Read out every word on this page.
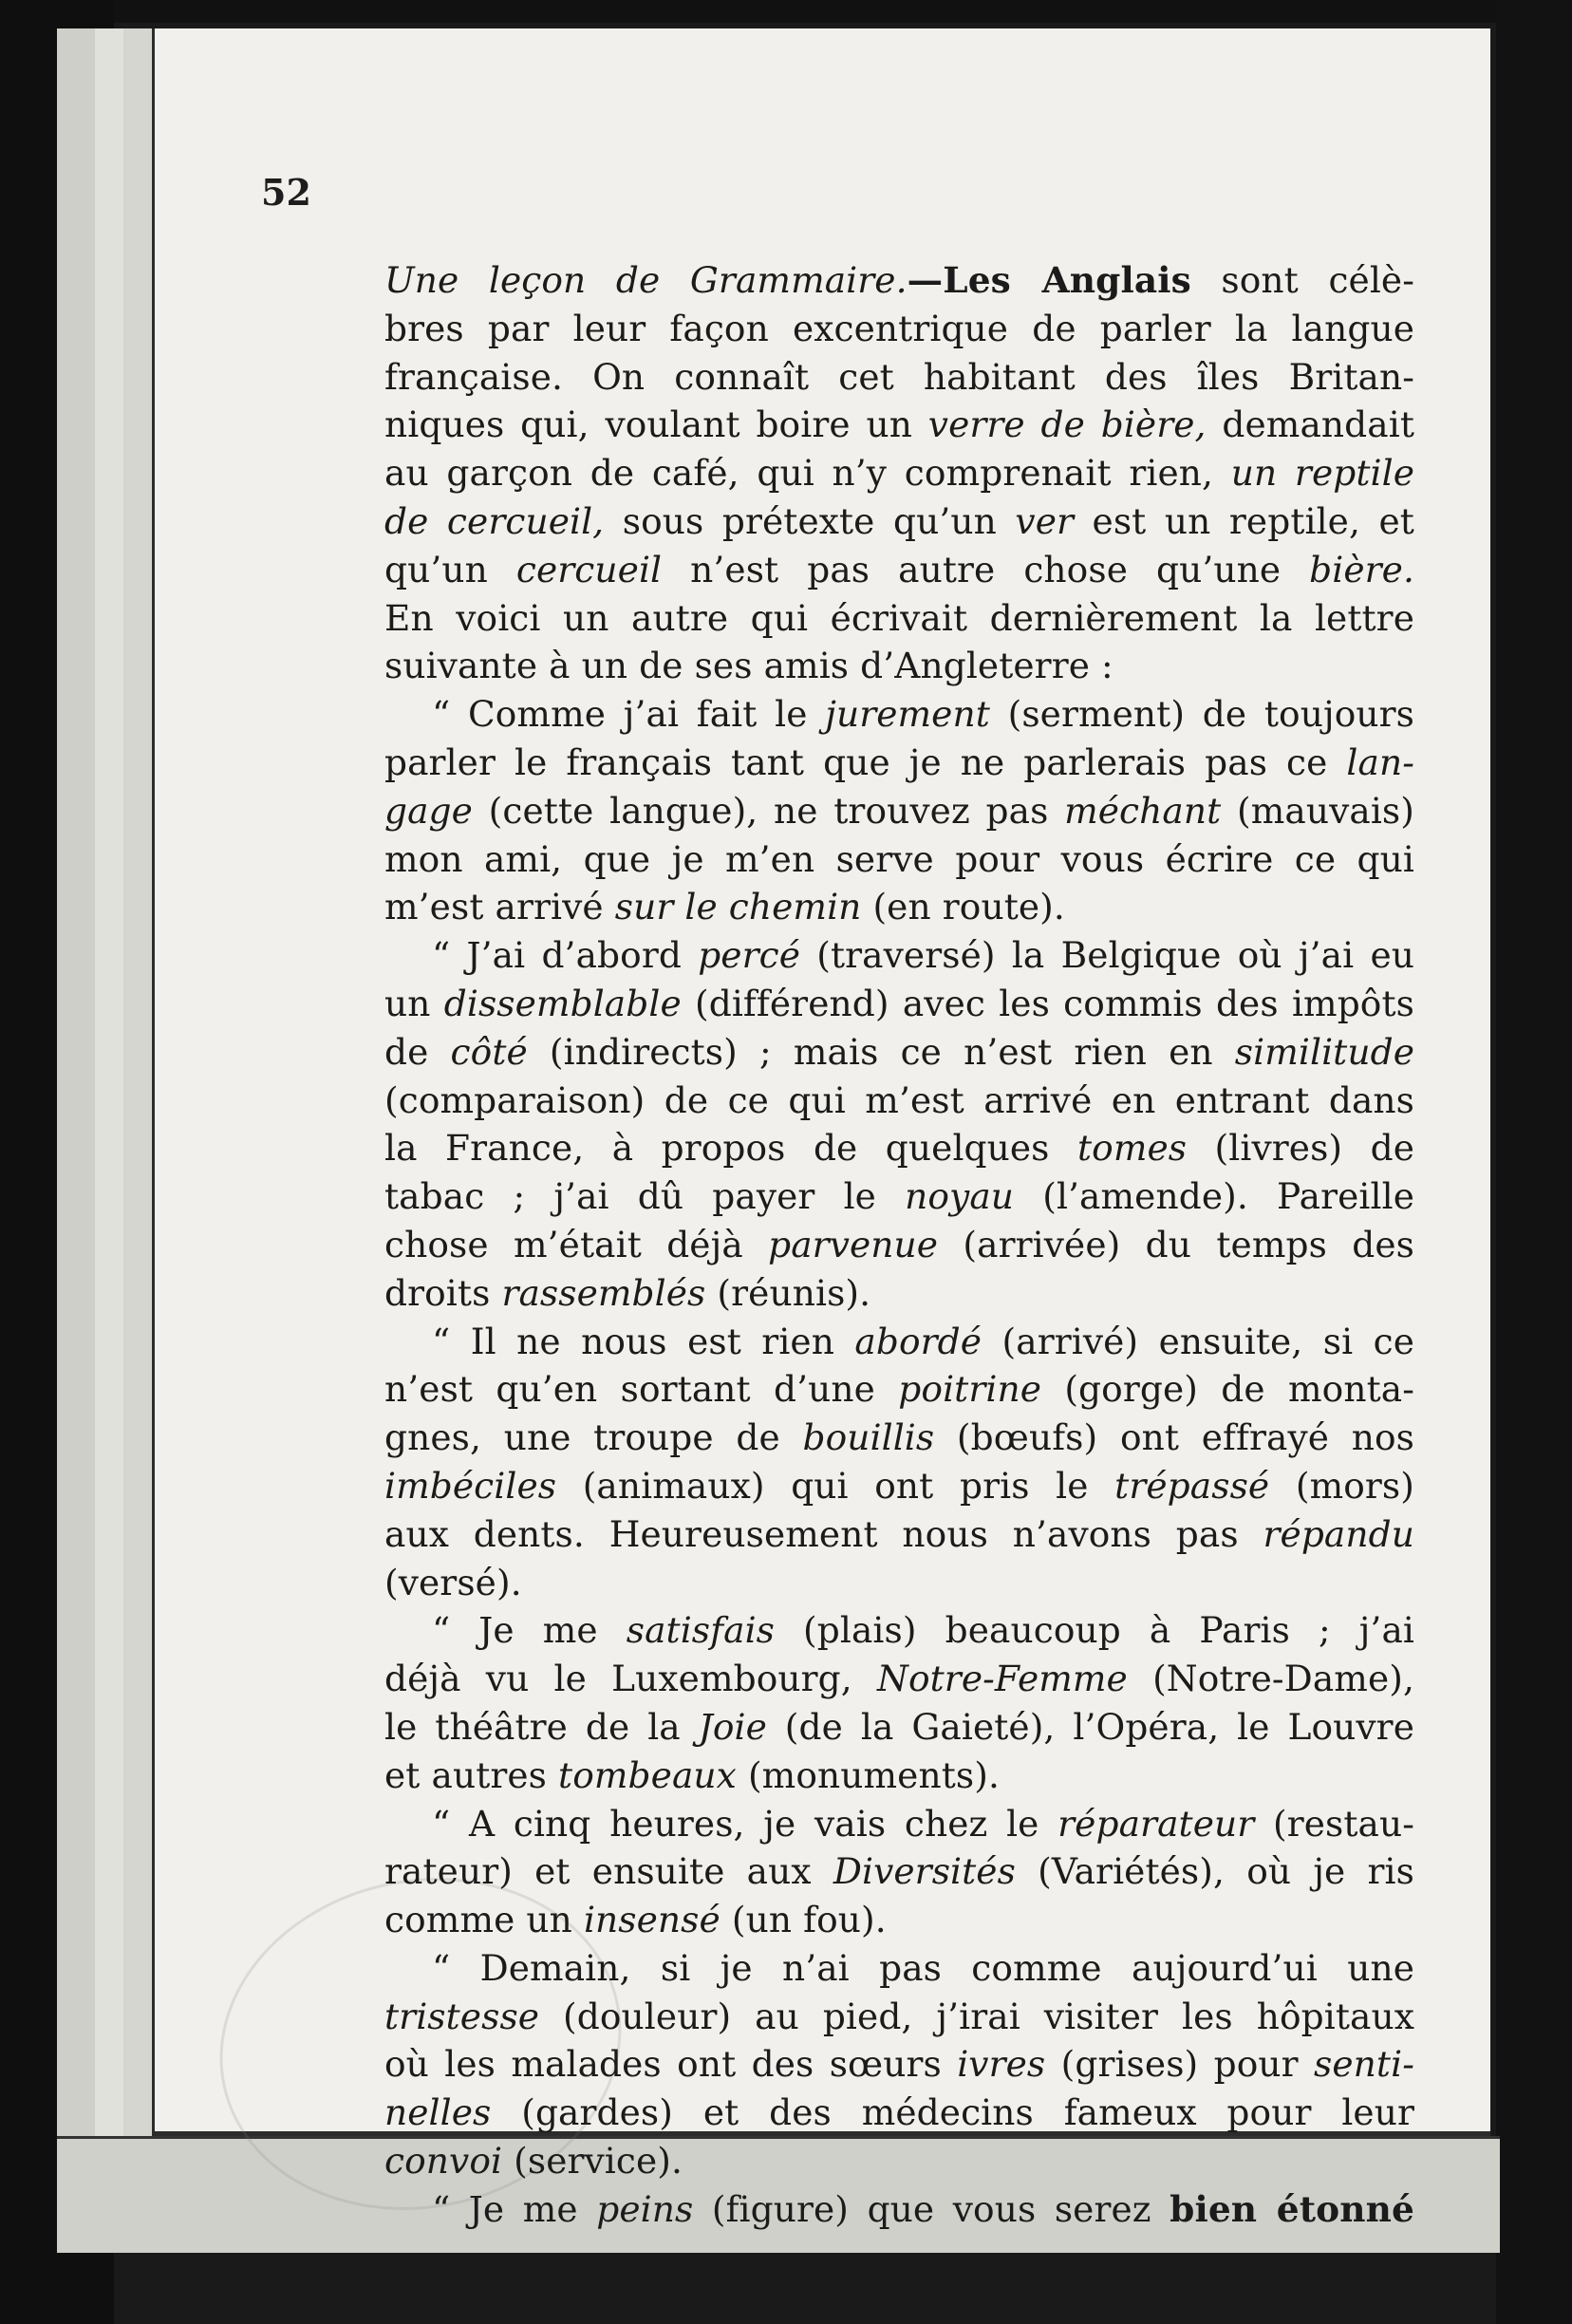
52
Une leçon de Grammaire.—Les Anglais sont célè-
bres par leur façon excentrique de parler la langue
française. On connaît cet habitant des îles Britan-
niques qui, voulant boire un verre de bière, demandait
au garçon de café, qui n’y comprenait rien, un reptile
de cercueil, sous prétexte qu’un ver est un reptile, et
qu’un cercueil n’est pas autre chose qu’une bière.
En voici un autre qui écrivait dernièrement la lettre
suivante à un de ses amis d’Angleterre :
“ Comme j’ai fait le jurement (serment) de toujours
parler le français tant que je ne parlerais pas ce lan-
gage (cette langue), ne trouvez pas méchant (mauvais)
mon ami, que je m’en serve pour vous écrire ce qui
m’est arrivé sur le chemin (en route).
“ J’ai d’abord percé (traversé) la Belgique où j’ai eu
un dissemblable (différend) avec les commis des impôts
de côté (indirects) ; mais ce n’est rien en similitude
(comparaison) de ce qui m’est arrivé en entrant dans
la France, à propos de quelques tomes (livres) de
tabac ; j’ai dû payer le noyau (l’amende). Pareille
chose m’était déjà parvenue (arrivée) du temps des
droits rassemblés (réunis).
“ Il ne nous est rien abordé (arrivé) ensuite, si ce
n’est qu’en sortant d’une poitrine (gorge) de monta-
gnes, une troupe de bouillis (bœufs) ont effrayé nos
imbéciles (animaux) qui ont pris le trépassé (mors)
aux dents. Heureusement nous n’avons pas répandu
(versé).
“ Je me satisfais (plais) beaucoup à Paris ; j’ai
déjà vu le Luxembourg, Notre-Femme (Notre-Dame),
le théâtre de la Joie (de la Gaieté), l’Opéra, le Louvre
et autres tombeaux (monuments).
“ A cinq heures, je vais chez le réparateur (restau-
rateur) et ensuite aux Diversités (Variétés), où je ris
comme un insensé (un fou).
“ Demain, si je n’ai pas comme aujourd’ui une
tristesse (douleur) au pied, j’irai visiter les hôpitaux
où les malades ont des sœurs ivres (grises) pour senti-
nelles (gardes) et des médecins fameux pour leur
convoi (service).
“ Je me peins (figure) que vous serez bien étonné
